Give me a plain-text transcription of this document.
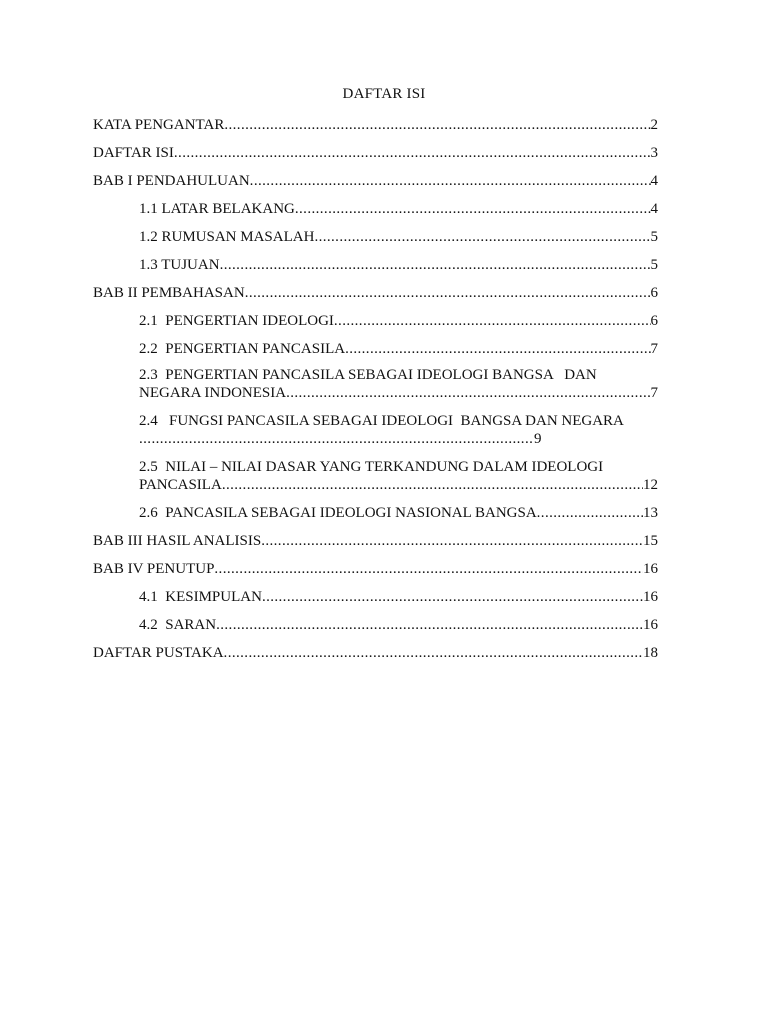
DAFTAR ISI
KATA PENGANTAR .....	2
DAFTAR ISI .....	3
BAB I PENDAHULUAN .....	4
1.1 LATAR BELAKANG .....	4
1.2 RUMUSAN MASALAH .....	5
1.3 TUJUAN .....	5
BAB II PEMBAHASAN .....	6
2.1  PENGERTIAN IDEOLOGI .....	6
2.2  PENGERTIAN PANCASILA .....	7
2.3  PENGERTIAN PANCASILA SEBAGAI IDEOLOGI BANGSA   DAN
NEGARA INDONESIA .....	7
2.4   FUNGSI PANCASILA SEBAGAI IDEOLOGI  BANGSA DAN NEGARA
.....9
2.5  NILAI – NILAI DASAR YANG TERKANDUNG DALAM IDEOLOGI
PANCASILA .....	12
2.6  PANCASILA SEBAGAI IDEOLOGI NASIONAL BANGSA .....	13
BAB III HASIL ANALISIS .....	15
BAB IV PENUTUP .....	16
4.1  KESIMPULAN .....	16
4.2  SARAN .....	16
DAFTAR PUSTAKA .....	18
